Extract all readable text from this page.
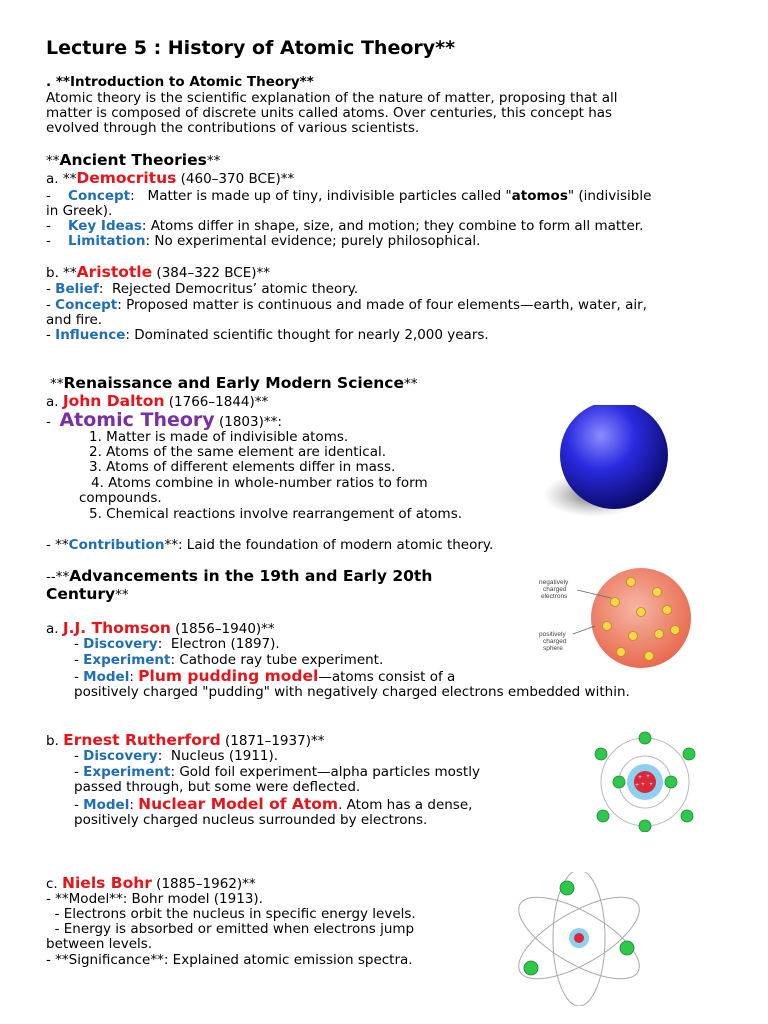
Lecture 5 : History of Atomic Theory**
. **Introduction to Atomic Theory**
Atomic theory is the scientific explanation of the nature of matter, proposing that all
matter is composed of discrete units called atoms. Over centuries, this concept has
evolved through the contributions of various scientists.
**Ancient Theories**
a. **Democritus (460–370 BCE)**
-    Concept:   Matter is made up of tiny, indivisible particles called "atomos" (indivisible
in Greek).
-    Key Ideas: Atoms differ in shape, size, and motion; they combine to form all matter.
-    Limitation: No experimental evidence; purely philosophical.
b. **Aristotle (384–322 BCE)**
- Belief:  Rejected Democritus’ atomic theory.
- Concept: Proposed matter is continuous and made of four elements—earth, water, air,
and fire.
- Influence: Dominated scientific thought for nearly 2,000 years.
**Renaissance and Early Modern Science**
a. John Dalton (1766–1844)**
-  Atomic Theory (1803)**:
1. Matter is made of indivisible atoms.
2. Atoms of the same element are identical.
3. Atoms of different elements differ in mass.
4. Atoms combine in whole-number ratios to form
compounds.
5. Chemical reactions involve rearrangement of atoms.
- **Contribution**: Laid the foundation of modern atomic theory.
--**Advancements in the 19th and Early 20th
Century**
a. J.J. Thomson (1856–1940)**
- Discovery:  Electron (1897).
- Experiment: Cathode ray tube experiment.
- Model: Plum pudding model—atoms consist of a
positively charged "pudding" with negatively charged electrons embedded within.
negatively
charged
electrons
positively
charged
sphere
b. Ernest Rutherford (1871–1937)**
- Discovery:  Nucleus (1911).
- Experiment: Gold foil experiment—alpha particles mostly
passed through, but some were deflected.
- Model: Nuclear Model of Atom. Atom has a dense,
positively charged nucleus surrounded by electrons.
+ +
+ +
+
c. Niels Bohr (1885–1962)**
- **Model**: Bohr model (1913).
- Electrons orbit the nucleus in specific energy levels.
- Energy is absorbed or emitted when electrons jump
between levels.
- **Significance**: Explained atomic emission spectra.
